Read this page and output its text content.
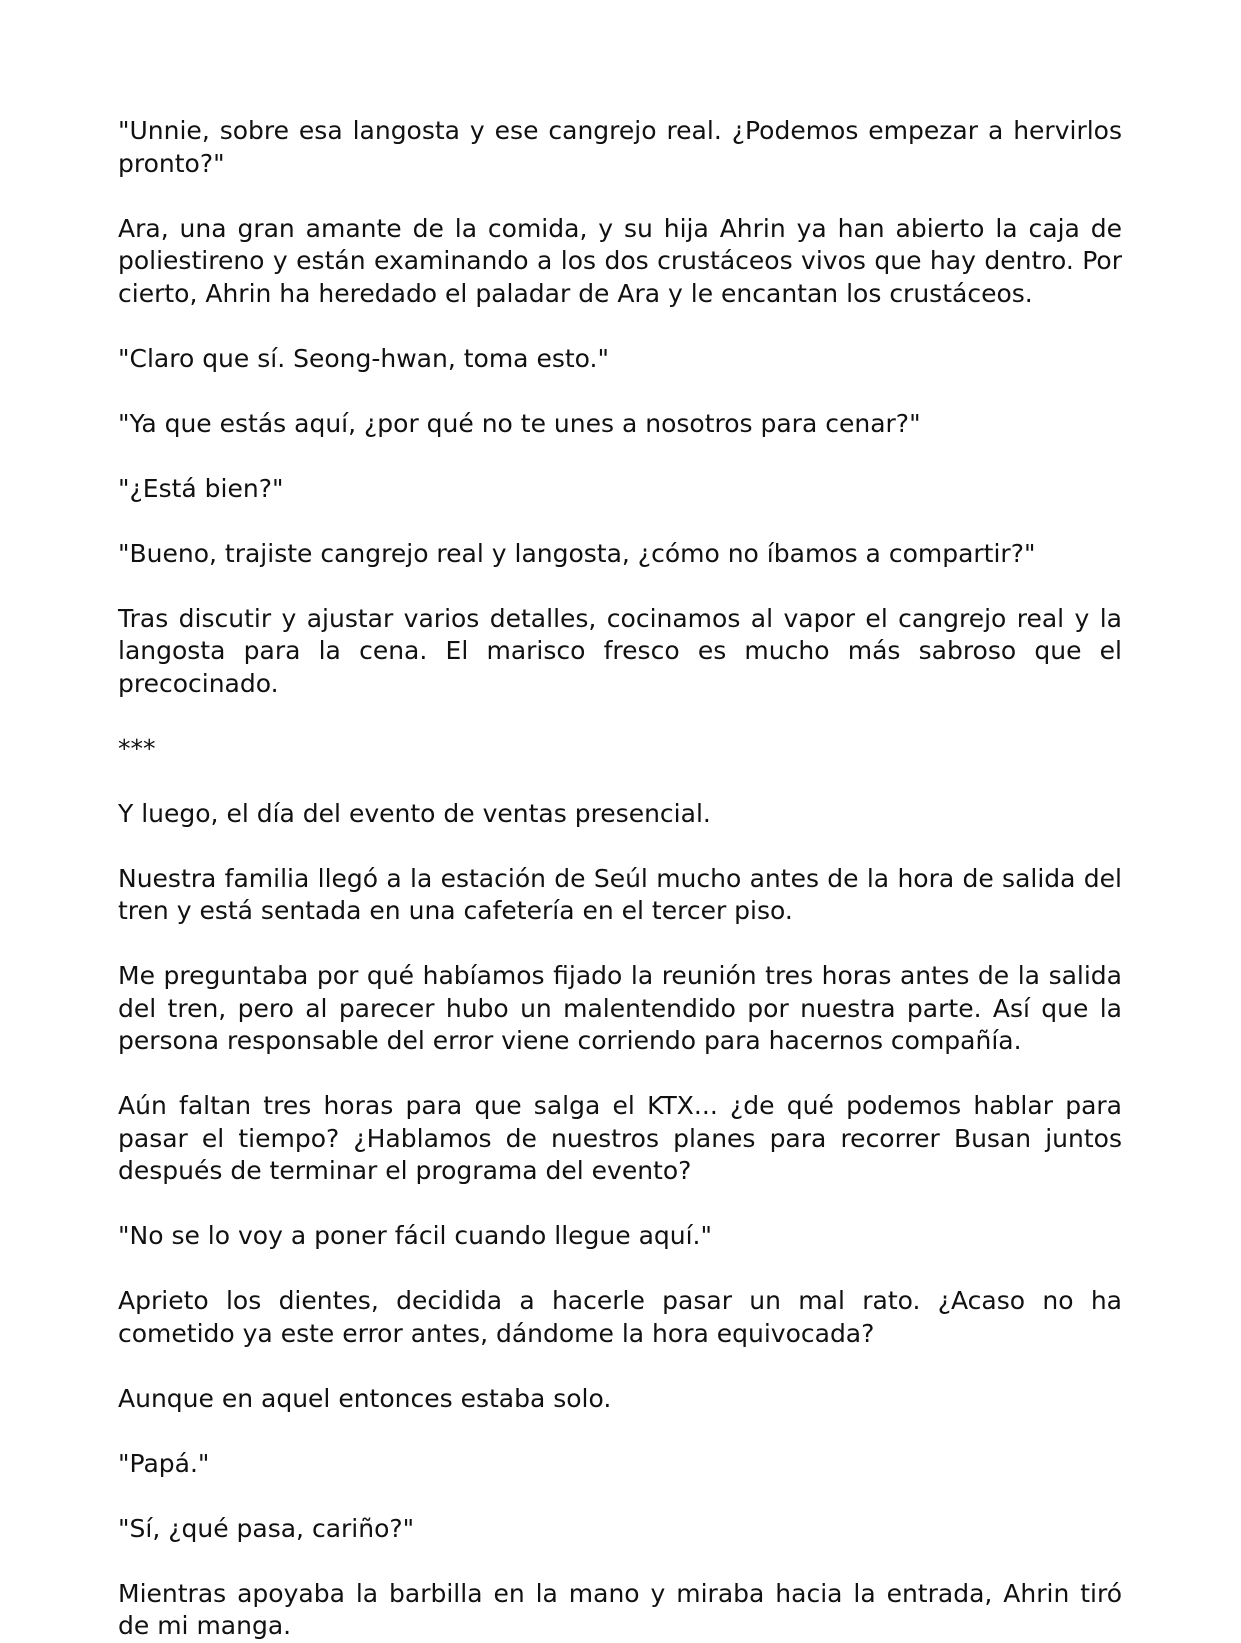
"Unnie, sobre esa langosta y ese cangrejo real. ¿Podemos empezar a hervirlos pronto?"

Ara, una gran amante de la comida, y su hija Ahrin ya han abierto la caja de poliestireno y están examinando a los dos crustáceos vivos que hay dentro. Por cierto, Ahrin ha heredado el paladar de Ara y le encantan los crustáceos.

"Claro que sí. Seong-hwan, toma esto."

"Ya que estás aquí, ¿por qué no te unes a nosotros para cenar?"

"¿Está bien?"

"Bueno, trajiste cangrejo real y langosta, ¿cómo no íbamos a compartir?"

Tras discutir y ajustar varios detalles, cocinamos al vapor el cangrejo real y la langosta para la cena. El marisco fresco es mucho más sabroso que el precocinado.

***

Y luego, el día del evento de ventas presencial.

Nuestra familia llegó a la estación de Seúl mucho antes de la hora de salida del tren y está sentada en una cafetería en el tercer piso.

Me preguntaba por qué habíamos fijado la reunión tres horas antes de la salida del tren, pero al parecer hubo un malentendido por nuestra parte. Así que la persona responsable del error viene corriendo para hacernos compañía.

Aún faltan tres horas para que salga el KTX... ¿de qué podemos hablar para pasar el tiempo? ¿Hablamos de nuestros planes para recorrer Busan juntos después de terminar el programa del evento?

"No se lo voy a poner fácil cuando llegue aquí."

Aprieto los dientes, decidida a hacerle pasar un mal rato. ¿Acaso no ha cometido ya este error antes, dándome la hora equivocada?

Aunque en aquel entonces estaba solo.

"Papá."

"Sí, ¿qué pasa, cariño?"

Mientras apoyaba la barbilla en la mano y miraba hacia la entrada, Ahrin tiró de mi manga.
